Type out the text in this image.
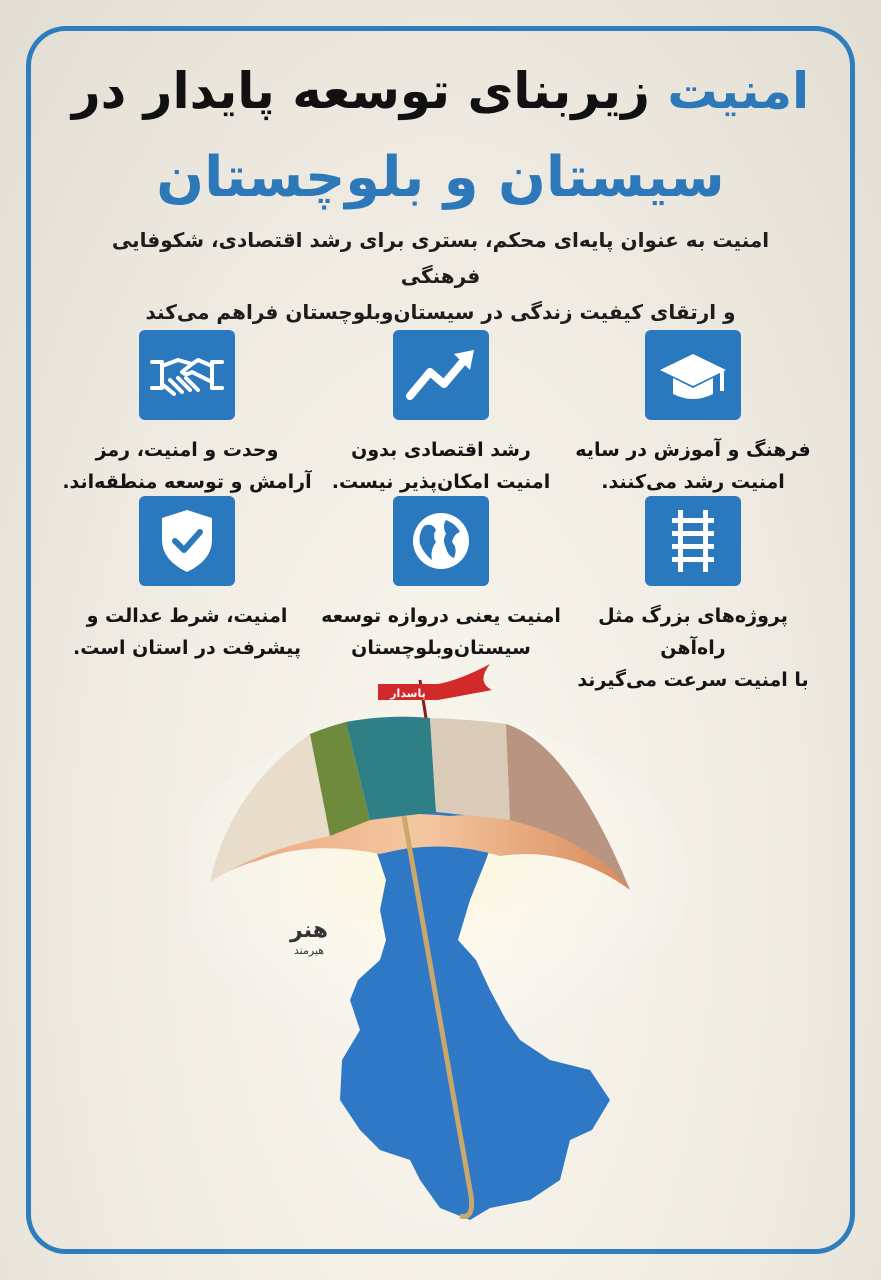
امنیت زیربنای توسعه پایدار در
سیستان و بلوچستان
امنیت به عنوان پایه‌ای محکم، بستری برای رشد اقتصادی، شکوفایی فرهنگی
و ارتقای کیفیت زندگی در سیستان‌وبلوچستان فراهم می‌کند
فرهنگ و آموزش در سایه
امنیت رشد می‌کنند.
رشد اقتصادی بدون
امنیت امکان‌پذیر نیست.
وحدت و امنیت، رمز
آرامش و توسعه منطقه‌اند.
پروژه‌های بزرگ مثل راه‌آهن
با امنیت سرعت می‌گیرند
امنیت یعنی دروازه توسعه
سیستان‌وبلوچستان
امنیت، شرط عدالت و
پیشرفت در استان است.
پاسدار
هنر
هیرمند
